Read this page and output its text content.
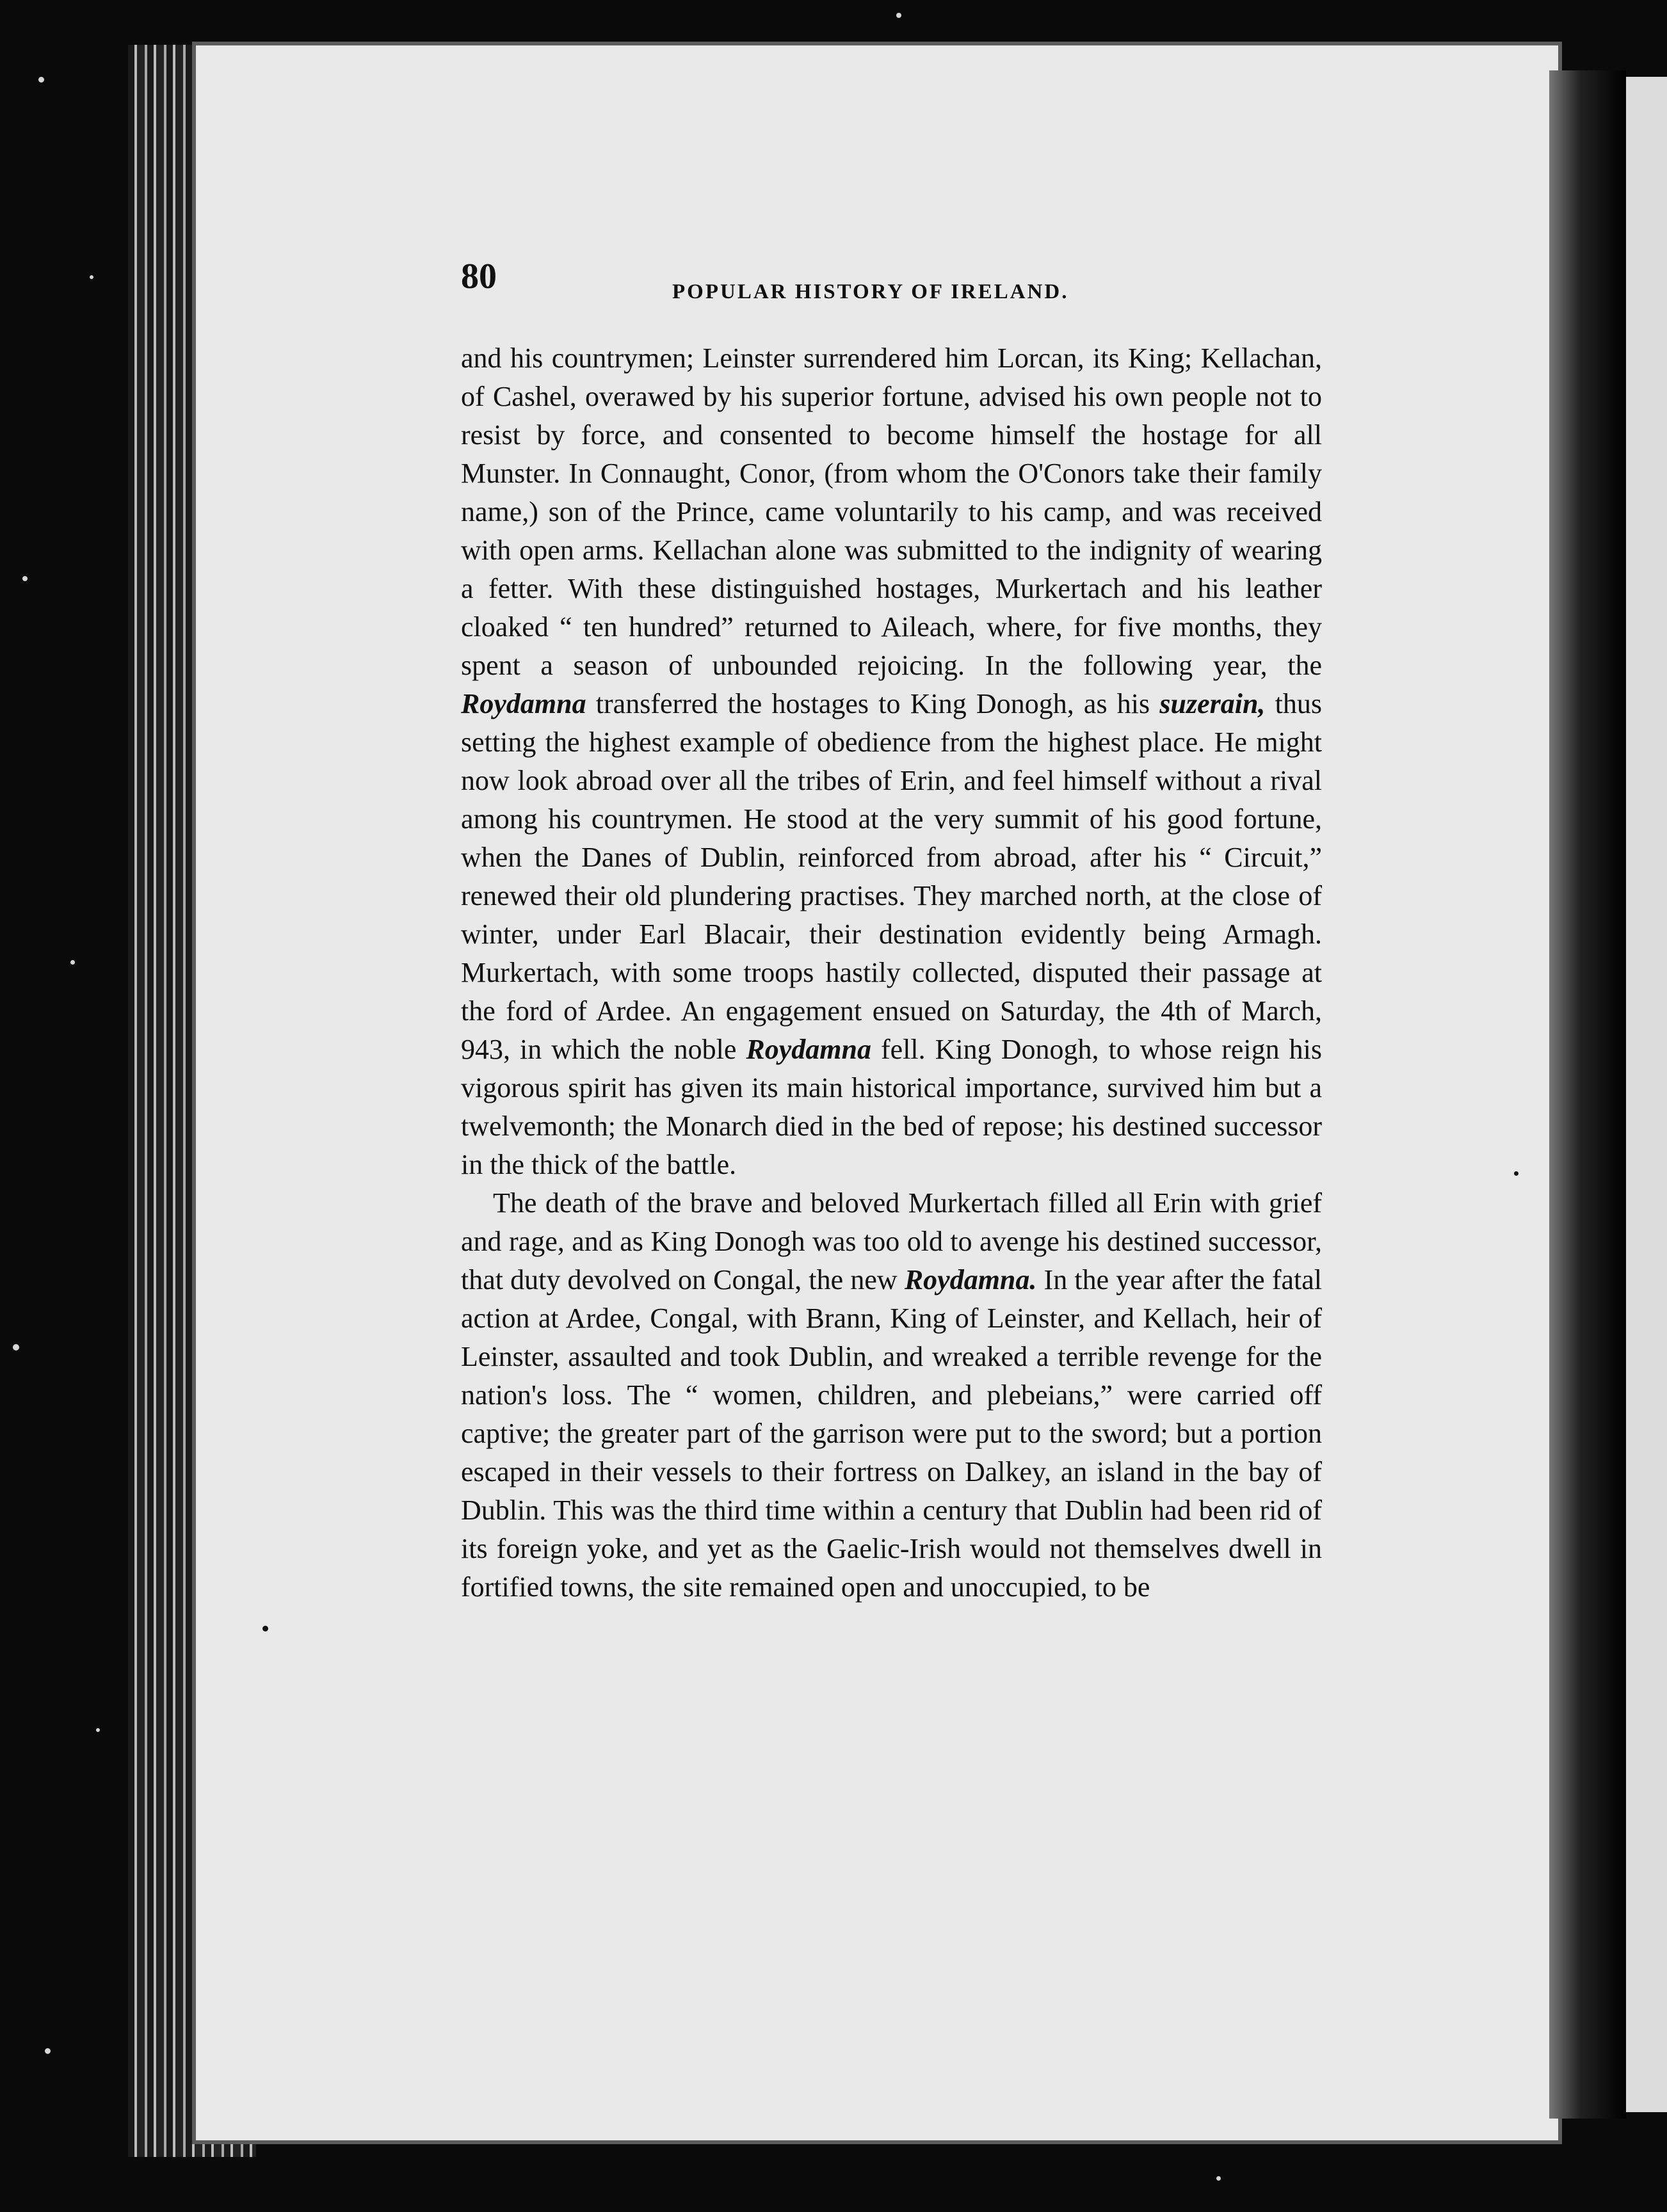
80	POPULAR HISTORY OF IRELAND.

and his countrymen; Leinster surrendered him Lorcan, its King; Kellachan, of Cashel, overawed by his superior fortune, advised his own people not to resist by force, and consented to become himself the hostage for all Munster. In Connaught, Conor, (from whom the O'Conors take their family name,) son of the Prince, came voluntarily to his camp, and was received with open arms. Kellachan alone was submitted to the indignity of wearing a fetter. With these distinguished hostages, Murkertach and his leather cloaked “ ten hundred” returned to Aileach, where, for five months, they spent a season of unbounded rejoicing. In the following year, the Roydamna transferred the hostages to King Donogh, as his suzerain, thus setting the highest example of obedience from the highest place. He might now look abroad over all the tribes of Erin, and feel himself without a rival among his countrymen. He stood at the very summit of his good fortune, when the Danes of Dublin, reinforced from abroad, after his “ Circuit,” renewed their old plundering practises. They marched north, at the close of winter, under Earl Blacair, their destination evidently being Armagh. Murkertach, with some troops hastily collected, disputed their passage at the ford of Ardee. An engagement ensued on Saturday, the 4th of March, 943, in which the noble Roydamna fell. King Donogh, to whose reign his vigorous spirit has given its main historical importance, survived him but a twelvemonth; the Monarch died in the bed of repose; his destined successor in the thick of the battle.

The death of the brave and beloved Murkertach filled all Erin with grief and rage, and as King Donogh was too old to avenge his destined successor, that duty devolved on Congal, the new Roydamna. In the year after the fatal action at Ardee, Congal, with Brann, King of Leinster, and Kellach, heir of Leinster, assaulted and took Dublin, and wreaked a terrible revenge for the nation's loss. The “ women, children, and plebeians,” were carried off captive; the greater part of the garrison were put to the sword; but a portion escaped in their vessels to their fortress on Dalkey, an island in the bay of Dublin. This was the third time within a century that Dublin had been rid of its foreign yoke, and yet as the Gaelic-Irish would not themselves dwell in fortified towns, the site remained open and unoccupied, to be
